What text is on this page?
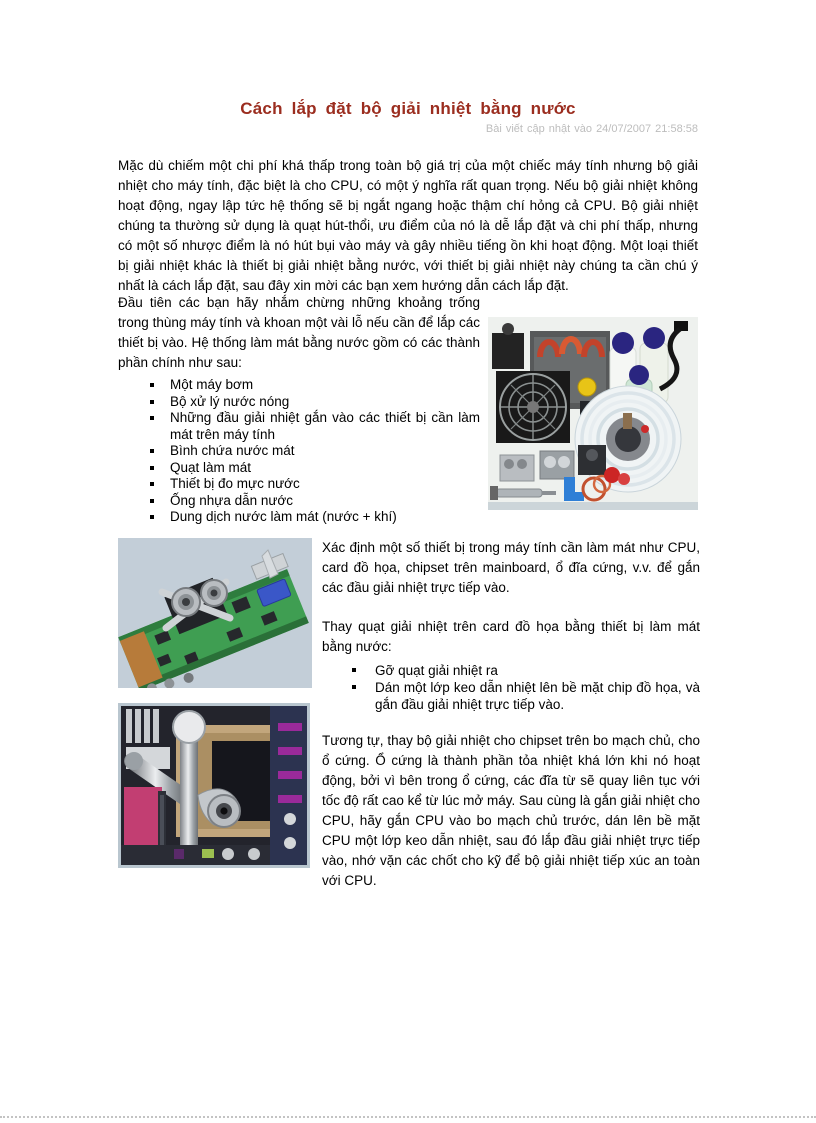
Cách lắp đặt bộ giải nhiệt bằng nước
Bài viết cập nhật vào 24/07/2007 21:58:58

Mặc dù chiếm một chi phí khá thấp trong toàn bộ giá trị của một chiếc máy tính nhưng bộ giải nhiệt cho máy tính, đặc biệt là cho CPU, có một ý nghĩa rất quan trọng. Nếu bộ giải nhiệt không hoạt động, ngay lập tức hệ thống sẽ bị ngắt ngang hoặc thậm chí hỏng cả CPU. Bộ giải nhiệt chúng ta thường sử dụng là quạt hút-thổi, ưu điểm của nó là dễ lắp đặt và chi phí thấp, nhưng có một số nhược điểm là nó hút bụi vào máy và gây nhiều tiếng ồn khi hoạt động. Một loại thiết bị giải nhiệt khác là thiết bị giải nhiệt bằng nước, với thiết bị giải nhiệt này chúng ta cần chú ý nhất là cách lắp đặt, sau đây xin mời các bạn xem hướng dẫn cách lắp đặt.

Đầu tiên các bạn hãy nhắm chừng những khoảng trống trong thùng máy tính và khoan một vài lỗ nếu cần để lắp các thiết bị vào. Hệ thống làm mát bằng nước gồm có các thành phần chính như sau:

Một máy bơm
Bộ xử lý nước nóng
Những đầu giải nhiệt gắn vào các thiết bị cần làm mát trên máy tính
Bình chứa nước mát
Quạt làm mát
Thiết bị đo mực nước
Ống nhựa dẫn nước
Dung dịch nước làm mát (nước + khí)

Xác định một số thiết bị trong máy tính cần làm mát như CPU, card đồ họa, chipset trên mainboard, ổ đĩa cứng, v.v. để gắn các đầu giải nhiệt trực tiếp vào.

Thay quạt giải nhiệt trên card đồ họa bằng thiết bị làm mát bằng nước:

Gỡ quạt giải nhiệt ra
Dán một lớp keo dẫn nhiệt lên bề mặt chip đồ họa, và gắn đầu giải nhiệt trực tiếp vào.

Tương tự, thay bộ giải nhiệt cho chipset trên bo mạch chủ, cho ổ cứng. Ổ cứng là thành phần tỏa nhiệt khá lớn khi nó hoạt động, bởi vì bên trong ổ cứng, các đĩa từ sẽ quay liên tục với tốc độ rất cao kể từ lúc mở máy. Sau cùng là gắn giải nhiệt cho CPU, hãy gắn CPU vào bo mạch chủ trước, dán lên bề mặt CPU một lớp keo dẫn nhiệt, sau đó lắp đầu giải nhiệt trực tiếp vào, nhớ vặn các chốt cho kỹ để bộ giải nhiệt tiếp xúc an toàn với CPU.
